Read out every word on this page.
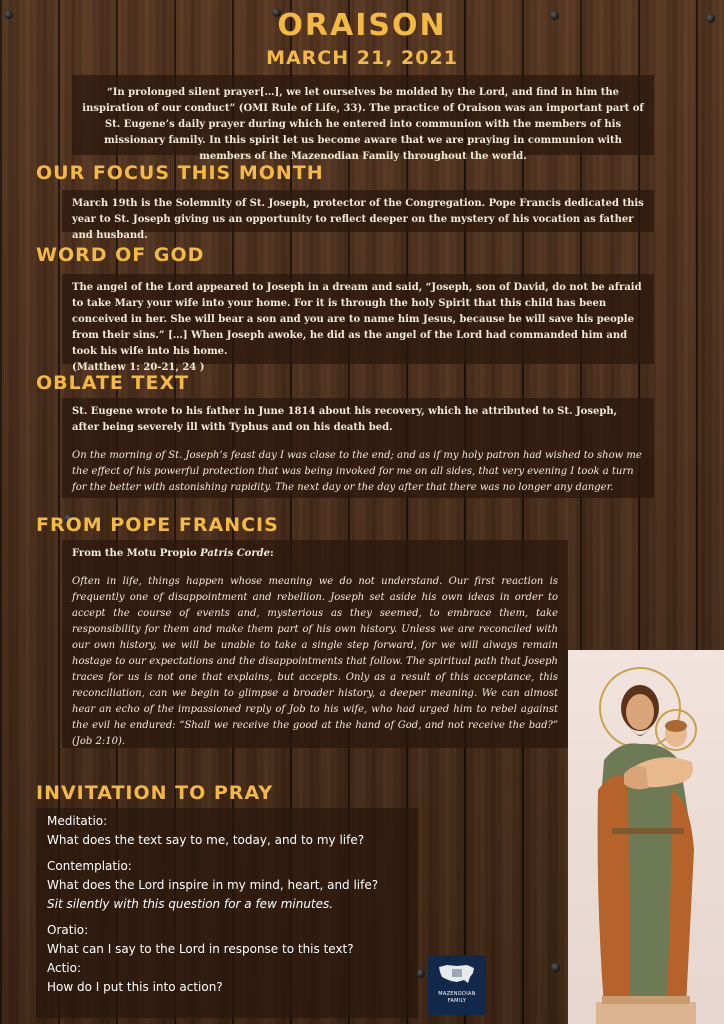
ORAISON
MARCH 21, 2021

“In prolonged silent prayer[…], we let ourselves be molded by the Lord, and find in him the inspiration of our conduct” (OMI Rule of Life, 33). The practice of Oraison was an important part of St. Eugene’s daily prayer during which he entered into communion with the members of his missionary family. In this spirit let us become aware that we are praying in communion with members of the Mazenodian Family throughout the world.

OUR FOCUS THIS MONTH

March 19th is the Solemnity of St. Joseph, protector of the Congregation. Pope Francis dedicated this year to St. Joseph giving us an opportunity to reflect deeper on the mystery of his vocation as father and husband.

WORD OF GOD

The angel of the Lord appeared to Joseph in a dream and said, “Joseph, son of David, do not be afraid to take Mary your wife into your home. For it is through the holy Spirit that this child has been conceived in her. She will bear a son and you are to name him Jesus, because he will save his people from their sins.” […] When Joseph awoke, he did as the angel of the Lord had commanded him and took his wife into his home.

(Matthew 1: 20-21, 24 )

OBLATE TEXT

St. Eugene wrote to his father in June 1814 about his recovery, which he attributed to St. Joseph, after being severely ill with Typhus and on his death bed.

On the morning of St. Joseph’s feast day I was close to the end; and as if my holy patron had wished to show me the effect of his powerful protection that was being invoked for me on all sides, that very evening I took a turn for the better with astonishing rapidity. The next day or the day after that there was no longer any danger.

FROM POPE FRANCIS

From the Motu Propio Patris Corde:

Often in life, things happen whose meaning we do not understand. Our first reaction is frequently one of disappointment and rebellion. Joseph set aside his own ideas in order to accept the course of events and, mysterious as they seemed, to embrace them, take responsibility for them and make them part of his own history. Unless we are reconciled with our own history, we will be unable to take a single step forward, for we will always remain hostage to our expectations and the disappointments that follow. The spiritual path that Joseph traces for us is not one that explains, but accepts. Only as a result of this acceptance, this reconciliation, can we begin to glimpse a broader history, a deeper meaning. We can almost hear an echo of the impassioned reply of Job to his wife, who had urged him to rebel against the evil he endured: “Shall we receive the good at the hand of God, and not receive the bad?” (Job 2:10).

INVITATION TO PRAY

Meditatio:

What does the text say to me, today, and to my life?

Contemplatio:

What does the Lord inspire in my mind, heart, and life?

Sit silently with this question for a few minutes.

Oratio:

What can I say to the Lord in response to this text?

Actio:

How do I put this into action?	MAZENODIAN
FAMILY
